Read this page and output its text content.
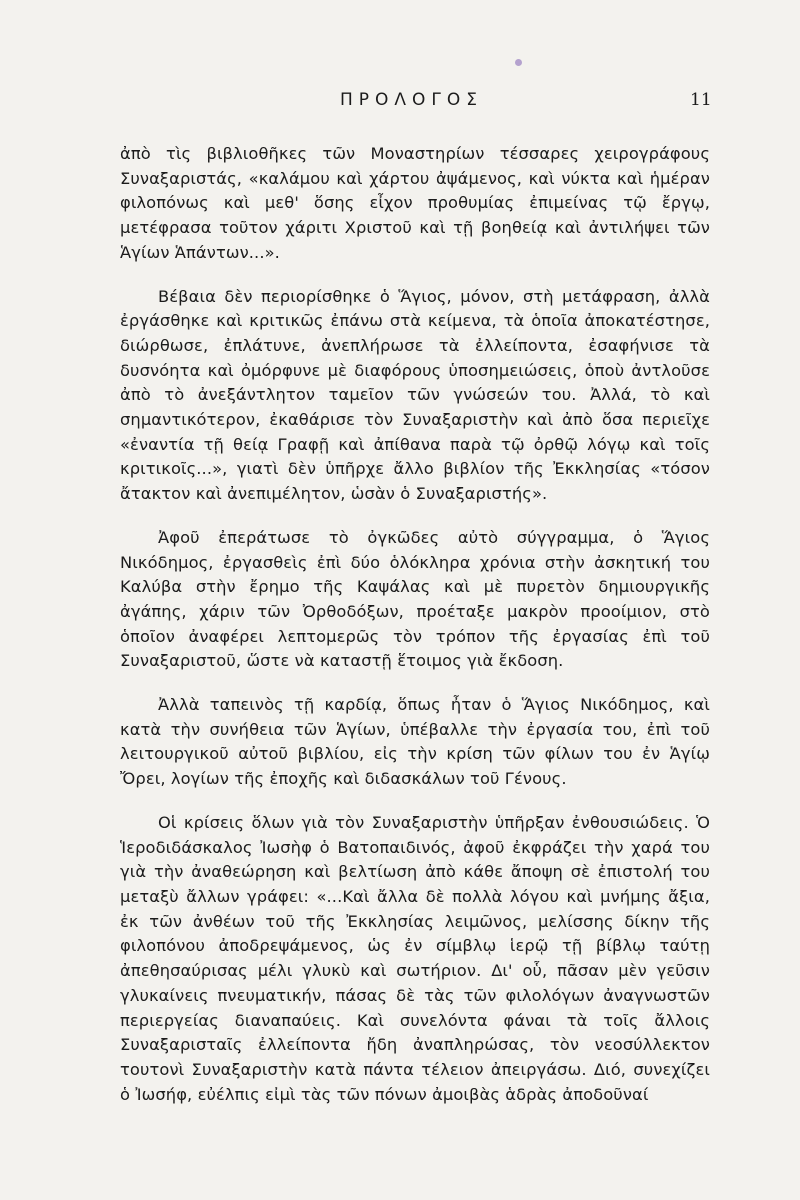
ΠΡΟΛΟΓΟΣ	11

ἀπὸ τὶς βιβλιοθῆκες τῶν Μοναστηρίων τέσσαρες χειρογράφους Συναξαριστάς, «καλάμου καὶ χάρτου ἀψάμενος, καὶ νύκτα καὶ ἡμέραν φιλοπόνως καὶ μεθ' ὅσης εἶχον προθυμίας ἐπιμείνας τῷ ἔργῳ, μετέφρασα τοῦτον χάριτι Χριστοῦ καὶ τῇ βοηθείᾳ καὶ ἀντιλήψει τῶν Ἁγίων Ἁπάντων...».

Βέβαια δὲν περιορίσθηκε ὁ Ἅγιος, μόνον, στὴ μετάφραση, ἀλλὰ ἐργάσθηκε καὶ κριτικῶς ἐπάνω στὰ κείμενα, τὰ ὁποῖα ἀποκατέστησε, διώρθωσε, ἐπλάτυνε, ἀνεπλήρωσε τὰ ἐλλείποντα, ἐσαφήνισε τὰ δυσνόητα καὶ ὀμόρφυνε μὲ διαφόρους ὑποσημειώσεις, ὁποὺ ἀντλοῦσε ἀπὸ τὸ ἀνεξάντλητον ταμεῖον τῶν γνώσεών του. Ἀλλά, τὸ καὶ σημαντικότερον, ἐκαθάρισε τὸν Συναξαριστὴν καὶ ἀπὸ ὅσα περιεῖχε «ἐναντία τῇ θείᾳ Γραφῇ καὶ ἀπίθανα παρὰ τῷ ὀρθῷ λόγῳ καὶ τοῖς κριτικοῖς...», γιατὶ δὲν ὑπῆρχε ἄλλο βιβλίον τῆς Ἐκκλησίας «τόσον ἄτακτον καὶ ἀνεπιμέλητον, ὡσὰν ὁ Συναξαριστής».

Ἀφοῦ ἐπεράτωσε τὸ ὀγκῶδες αὐτὸ σύγγραμμα, ὁ Ἅγιος Νικόδημος, ἐργασθεὶς ἐπὶ δύο ὁλόκληρα χρόνια στὴν ἀσκητική του Καλύβα στὴν ἔρημο τῆς Καψάλας καὶ μὲ πυρετὸν δημιουργικῆς ἀγάπης, χάριν τῶν Ὀρθοδόξων, προέταξε μακρὸν προοίμιον, στὸ ὁποῖον ἀναφέρει λεπτομερῶς τὸν τρόπον τῆς ἐργασίας ἐπὶ τοῦ Συναξαριστοῦ, ὥστε νὰ καταστῇ ἕτοιμος γιὰ ἔκδοση.

Ἀλλὰ ταπεινὸς τῇ καρδίᾳ, ὅπως ἦταν ὁ Ἅγιος Νικόδημος, καὶ κατὰ τὴν συνήθεια τῶν Ἁγίων, ὑπέβαλλε τὴν ἐργασία του, ἐπὶ τοῦ λειτουργικοῦ αὐτοῦ βιβλίου, εἰς τὴν κρίση τῶν φίλων του ἐν Ἁγίῳ Ὄρει, λογίων τῆς ἐποχῆς καὶ διδασκάλων τοῦ Γένους.

Οἱ κρίσεις ὅλων γιὰ τὸν Συναξαριστὴν ὑπῆρξαν ἐνθουσιώδεις. Ὁ Ἱεροδιδάσκαλος Ἰωσὴφ ὁ Βατοπαιδινός, ἀφοῦ ἐκφράζει τὴν χαρά του γιὰ τὴν ἀναθεώρηση καὶ βελτίωση ἀπὸ κάθε ἄποψη σὲ ἐπιστολή του μεταξὺ ἄλλων γράφει: «...Καὶ ἄλλα δὲ πολλὰ λόγου καὶ μνήμης ἄξια, ἐκ τῶν ἀνθέων τοῦ τῆς Ἐκκλησίας λειμῶνος, μελίσσης δίκην τῆς φιλοπόνου ἀποδρεψάμενος, ὡς ἐν σίμβλῳ ἱερῷ τῇ βίβλῳ ταύτῃ ἀπεθησαύρισας μέλι γλυκὺ καὶ σωτήριον. Δι' οὗ, πᾶσαν μὲν γεῦσιν γλυκαίνεις πνευματικήν, πάσας δὲ τὰς τῶν φιλολόγων ἀναγνωστῶν περιεργείας διαναπαύεις. Καὶ συνελόντα φάναι τὰ τοῖς ἄλλοις Συναξαρισταῖς ἐλλείποντα ἤδη ἀναπληρώσας, τὸν νεοσύλλεκτον τουτονὶ Συναξαριστὴν κατὰ πάντα τέλειον ἀπειργάσω. Διό, συνεχίζει ὁ Ἰωσήφ, εὐέλπις εἰμὶ τὰς τῶν πόνων ἀμοιβὰς ἁδρὰς ἀποδοῦναί
